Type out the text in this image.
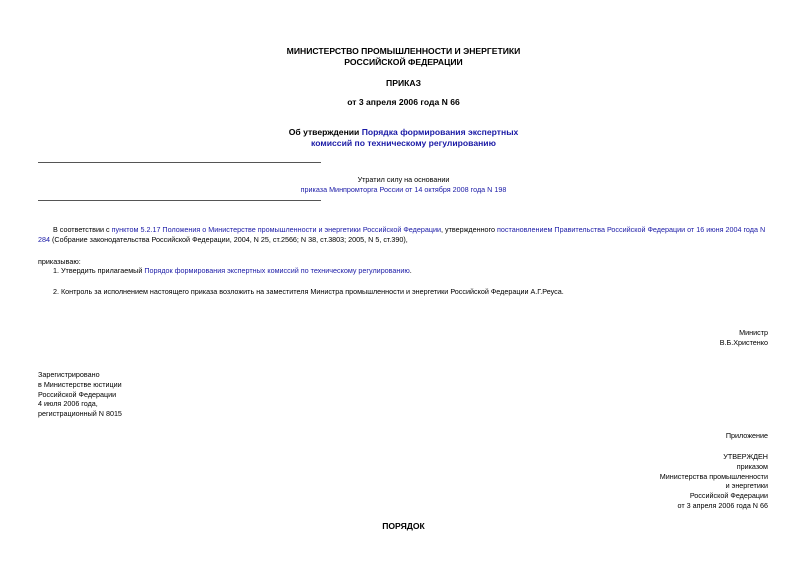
МИНИСТЕРСТВО ПРОМЫШЛЕННОСТИ И ЭНЕРГЕТИКИ
РОССИЙСКОЙ ФЕДЕРАЦИИ
ПРИКАЗ
от 3 апреля 2006 года N 66
Об утверждении Порядка формирования экспертных
комиссий по техническому регулированию
Утратил силу на основании
приказа Минпромторга России от 14 октября 2008 года N 198
В соответствии с пунктом 5.2.17 Положения о Министерстве промышленности и энергетики Российской Федерации, утвержденного постановлением Правительства Российской Федерации от 16 июня 2004 года N
284 (Собрание законодательства Российской Федерации, 2004, N 25, ст.2566; N 38, ст.3803; 2005, N 5, ст.390),
приказываю:
1. Утвердить прилагаемый Порядок формирования экспертных комиссий по техническому регулированию.
2. Контроль за исполнением настоящего приказа возложить на заместителя Министра промышленности и энергетики Российской Федерации А.Г.Реуса.
Министр
В.Б.Христенко
Зарегистрировано
в Министерстве юстиции
Российской Федерации
4 июля 2006 года,
регистрационный N 8015
Приложение
УТВЕРЖДЕН
приказом
Министерства промышленности
и энергетики
Российской Федерации
от 3 апреля 2006 года N 66
ПОРЯДОК
